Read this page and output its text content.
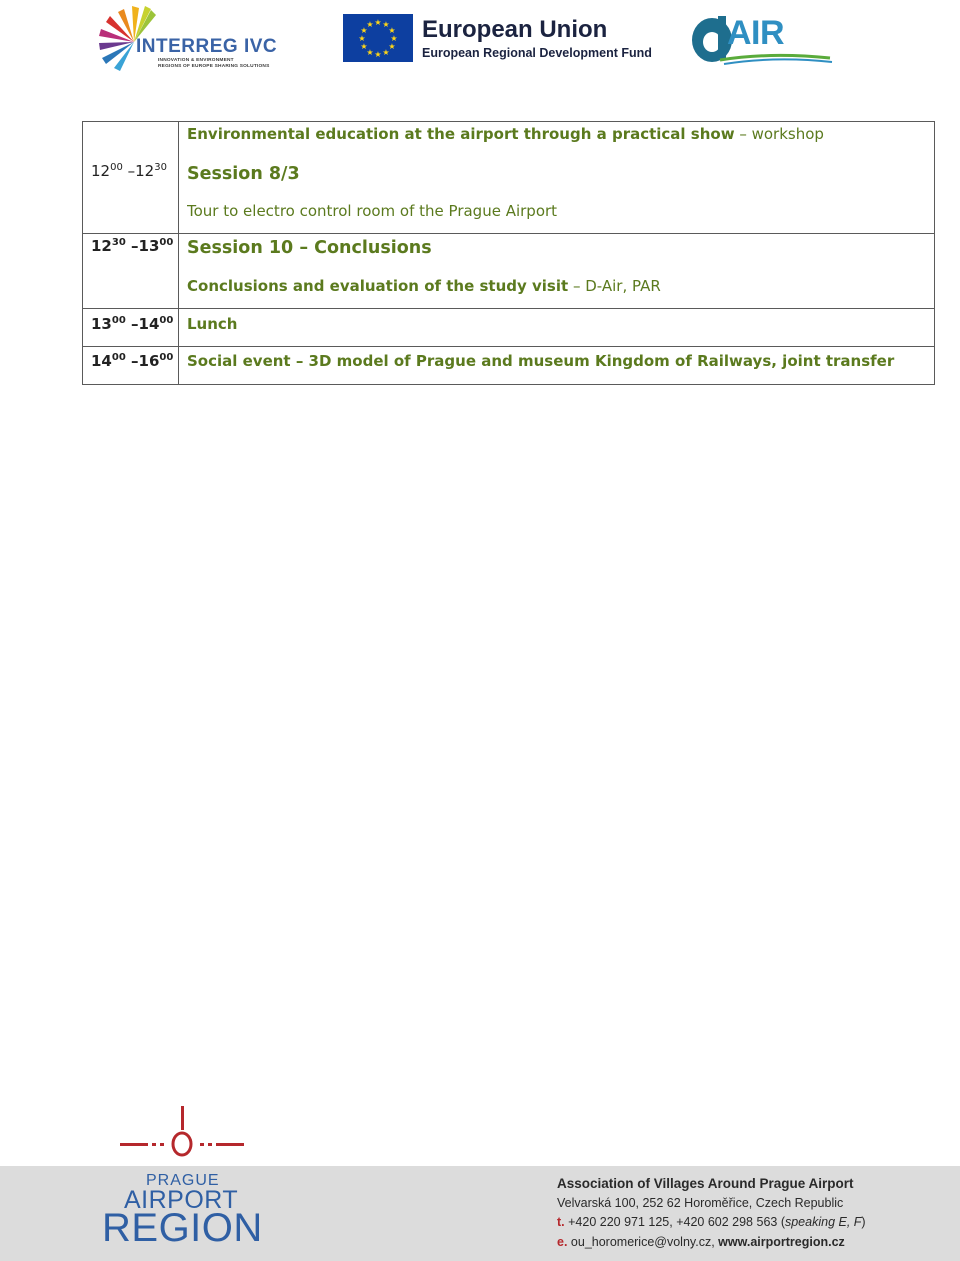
INTERREG IVC
INNOVATION & ENVIRONMENT
REGIONS OF EUROPE SHARING SOLUTIONS
★ ★
★
★
★
★
★
★
★
★
★
★ European Union
European Regional Development Fund
AIR

	Environmental education at the airport through a practical show – workshop

$12^{00}$ $-12^{30}$	Session 8/3

	Tour to electro control room of the Prague Airport

$12^{30}$ $-13^{00}$	Session 10 – Conclusions

	Conclusions and evaluation of the study visit – D-Air, PAR

$13^{00}$ $-14^{00}$	Lunch

$14^{00}$ $-16^{00}$	Social event – 3D model of Prague and museum Kingdom of Railways, joint transfer
PRAGUE
AIRPORT
REGION
Association of Villages Around Prague Airport
Velvarská 100, 252 62 Horoměřice, Czech Republic
t. +420 220 971 125, +420 602 298 563 (speaking E, F)
e. ou_horomerice@volny.cz, www.airportregion.cz
